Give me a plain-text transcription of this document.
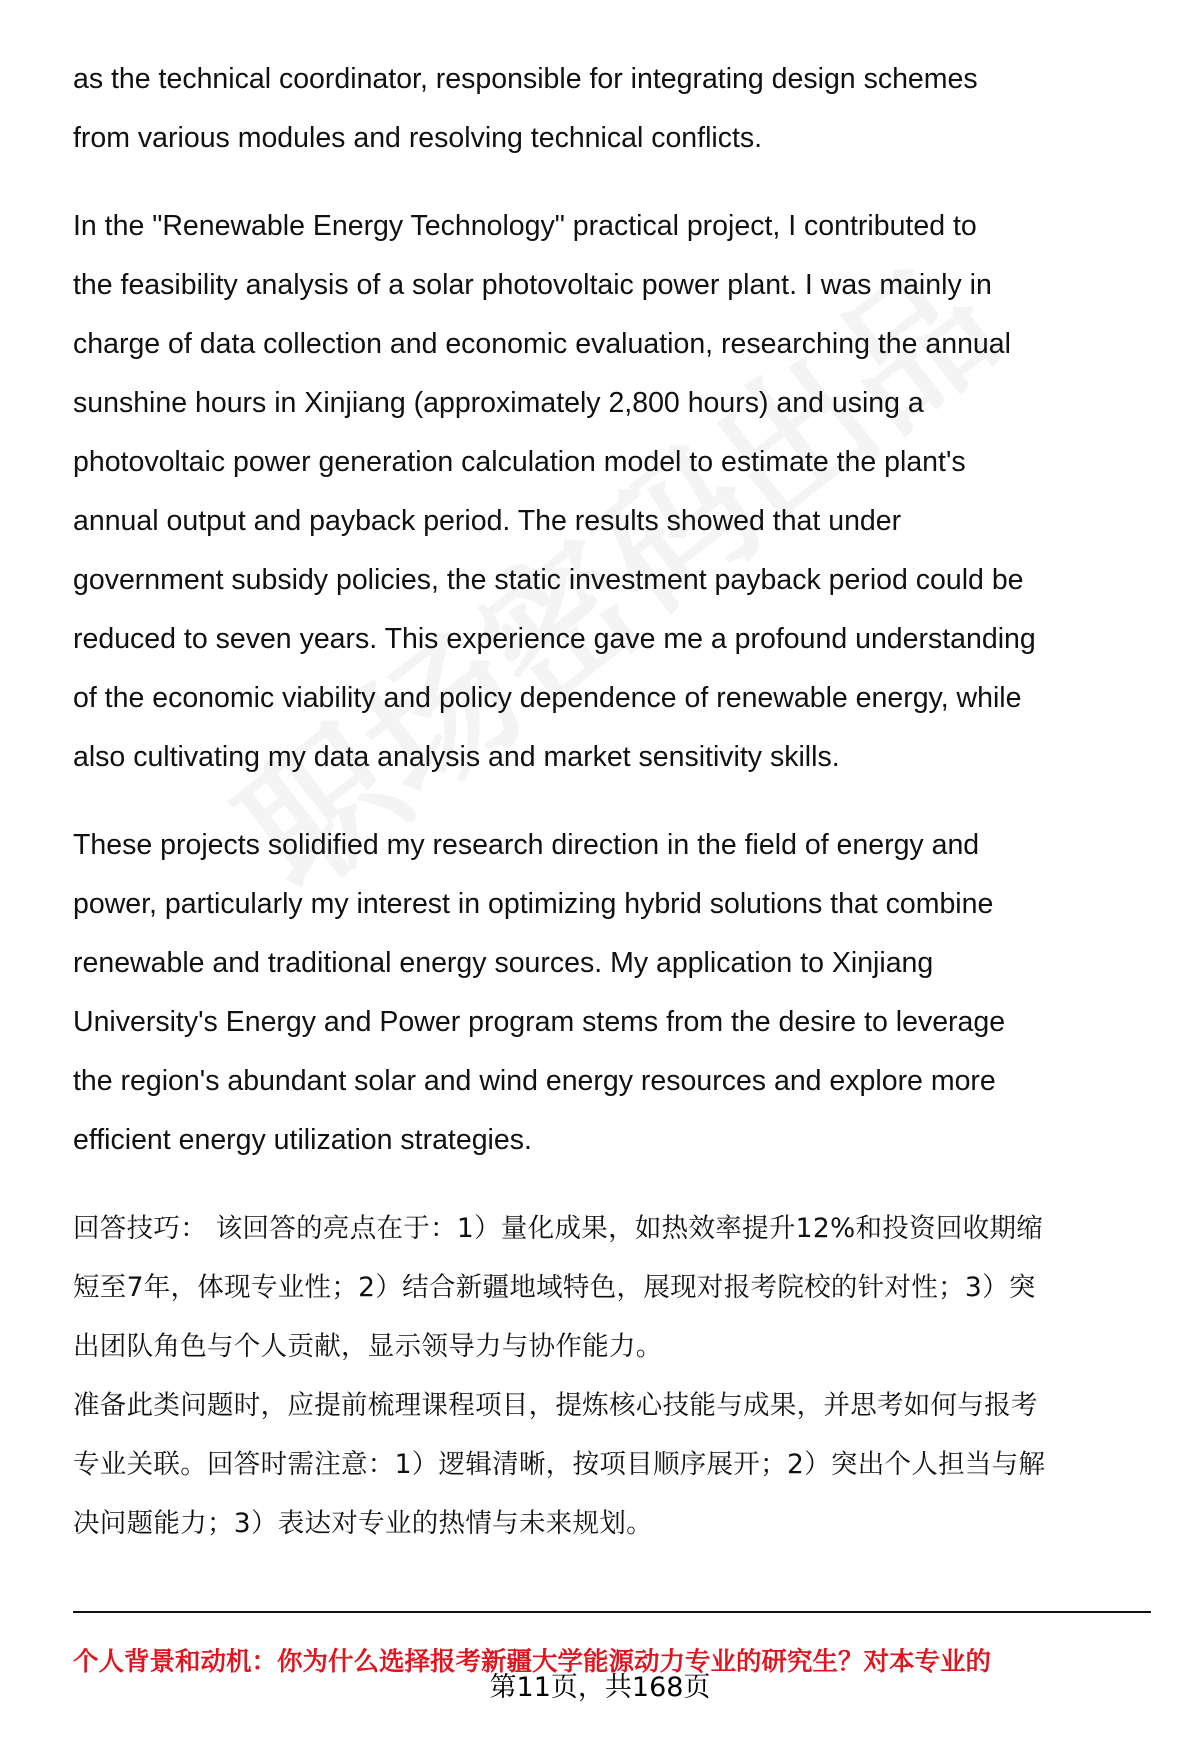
as the technical coordinator, responsible for integrating design schemes
from various modules and resolving technical conflicts.

In the "Renewable Energy Technology" practical project, I contributed to
the feasibility analysis of a solar photovoltaic power plant. I was mainly in
charge of data collection and economic evaluation, researching the annual
sunshine hours in Xinjiang (approximately 2,800 hours) and using a
photovoltaic power generation calculation model to estimate the plant's
annual output and payback period. The results showed that under
government subsidy policies, the static investment payback period could be
reduced to seven years. This experience gave me a profound understanding
of the economic viability and policy dependence of renewable energy, while
also cultivating my data analysis and market sensitivity skills.

These projects solidified my research direction in the field of energy and
power, particularly my interest in optimizing hybrid solutions that combine
renewable and traditional energy sources. My application to Xinjiang
University's Energy and Power program stems from the desire to leverage
the region's abundant solar and wind energy resources and explore more
efficient energy utilization strategies.

回答技巧： 该回答的亮点在于：1）量化成果，如热效率提升12%和投资回收期缩
短至7年，体现专业性；2）结合新疆地域特色，展现对报考院校的针对性；3）突
出团队角色与个人贡献，显示领导力与协作能力。
准备此类问题时，应提前梳理课程项目，提炼核心技能与成果，并思考如何与报考
专业关联。回答时需注意：1）逻辑清晰，按项目顺序展开；2）突出个人担当与解
决问题能力；3）表达对专业的热情与未来规划。

个人背景和动机：你为什么选择报考新疆大学能源动力专业的研究生？对本专业的
第11页，共168页
